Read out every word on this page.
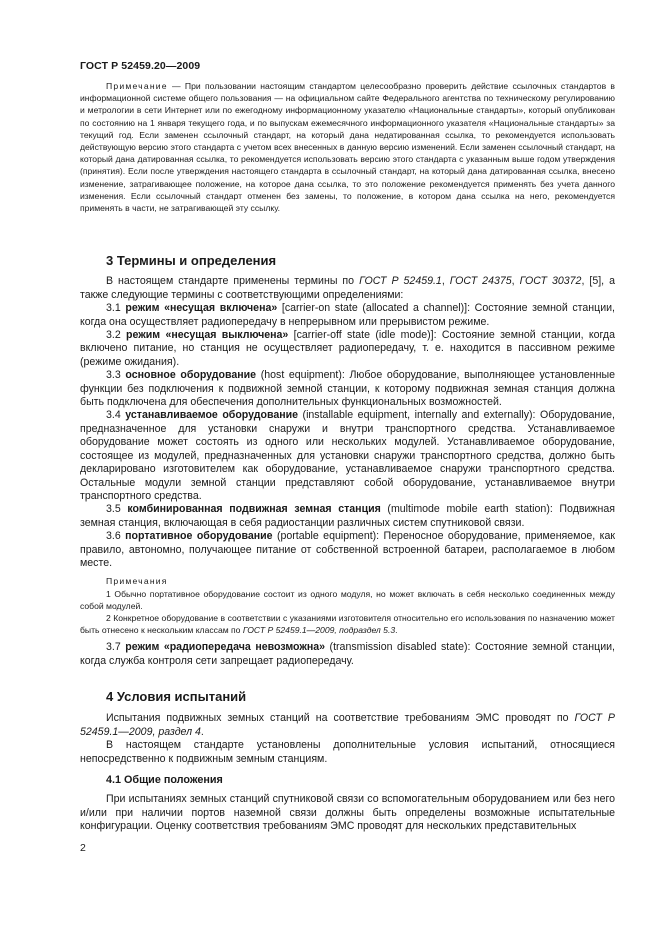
ГОСТ Р 52459.20—2009

Примечание — При пользовании настоящим стандартом целесообразно проверить действие ссылочных стандартов в информационной системе общего пользования — на официальном сайте Федерального агентства по техническому регулированию и метрологии в сети Интернет или по ежегодному информационному указателю «Национальные стандарты», который опубликован по состоянию на 1 января текущего года, и по выпускам ежемесячного информационного указателя «Национальные стандарты» за текущий год. Если заменен ссылочный стандарт, на который дана недатированная ссылка, то рекомендуется использовать действующую версию этого стандарта с учетом всех внесенных в данную версию изменений. Если заменен ссылочный стандарт, на который дана датированная ссылка, то рекомендуется использовать версию этого стандарта с указанным выше годом утверждения (принятия). Если после утверждения настоящего стандарта в ссылочный стандарт, на который дана датированная ссылка, внесено изменение, затрагивающее положение, на которое дана ссылка, то это положение рекомендуется применять без учета данного изменения. Если ссылочный стандарт отменен без замены, то положение, в котором дана ссылка на него, рекомендуется применять в части, не затрагивающей эту ссылку.

3 Термины и определения

В настоящем стандарте применены термины по ГОСТ Р 52459.1, ГОСТ 24375, ГОСТ 30372, [5], а также следующие термины с соответствующими определениями:

3.1 режим «несущая включена» [carrier-on state (allocated a channel)]: Состояние земной станции, когда она осуществляет радиопередачу в непрерывном или прерывистом режиме.

3.2 режим «несущая выключена» [carrier-off state (idle mode)]: Состояние земной станции, когда включено питание, но станция не осуществляет радиопередачу, т. е. находится в пассивном режиме (режиме ожидания).

3.3 основное оборудование (host equipment): Любое оборудование, выполняющее установленные функции без подключения к подвижной земной станции, к которому подвижная земная станция должна быть подключена для обеспечения дополнительных функциональных возможностей.

3.4 устанавливаемое оборудование (installable equipment, internally and externally): Оборудование, предназначенное для установки снаружи и внутри транспортного средства. Устанавливаемое оборудование может состоять из одного или нескольких модулей. Устанавливаемое оборудование, состоящее из модулей, предназначенных для установки снаружи транспортного средства, должно быть декларировано изготовителем как оборудование, устанавливаемое снаружи транспортного средства. Остальные модули земной станции представляют собой оборудование, устанавливаемое внутри транспортного средства.

3.5 комбинированная подвижная земная станция (multimode mobile earth station): Подвижная земная станция, включающая в себя радиостанции различных систем спутниковой связи.

3.6 портативное оборудование (portable equipment): Переносное оборудование, применяемое, как правило, автономно, получающее питание от собственной встроенной батареи, располагаемое в любом месте.

Примечания

1 Обычно портативное оборудование состоит из одного модуля, но может включать в себя несколько соединенных между собой модулей.

2 Конкретное оборудование в соответствии с указаниями изготовителя относительно его использования по назначению может быть отнесено к нескольким классам по ГОСТ Р 52459.1—2009, подраздел 5.3.

3.7 режим «радиопередача невозможна» (transmission disabled state): Состояние земной станции, когда служба контроля сети запрещает радиопередачу.

4 Условия испытаний

Испытания подвижных земных станций на соответствие требованиям ЭМС проводят по ГОСТ Р 52459.1—2009, раздел 4.

В настоящем стандарте установлены дополнительные условия испытаний, относящиеся непосредственно к подвижным земным станциям.

4.1 Общие положения

При испытаниях земных станций спутниковой связи со вспомогательным оборудованием или без него и/или при наличии портов наземной связи должны быть определены возможные испытательные конфигурации. Оценку соответствия требованиям ЭМС проводят для нескольких представительных

2
